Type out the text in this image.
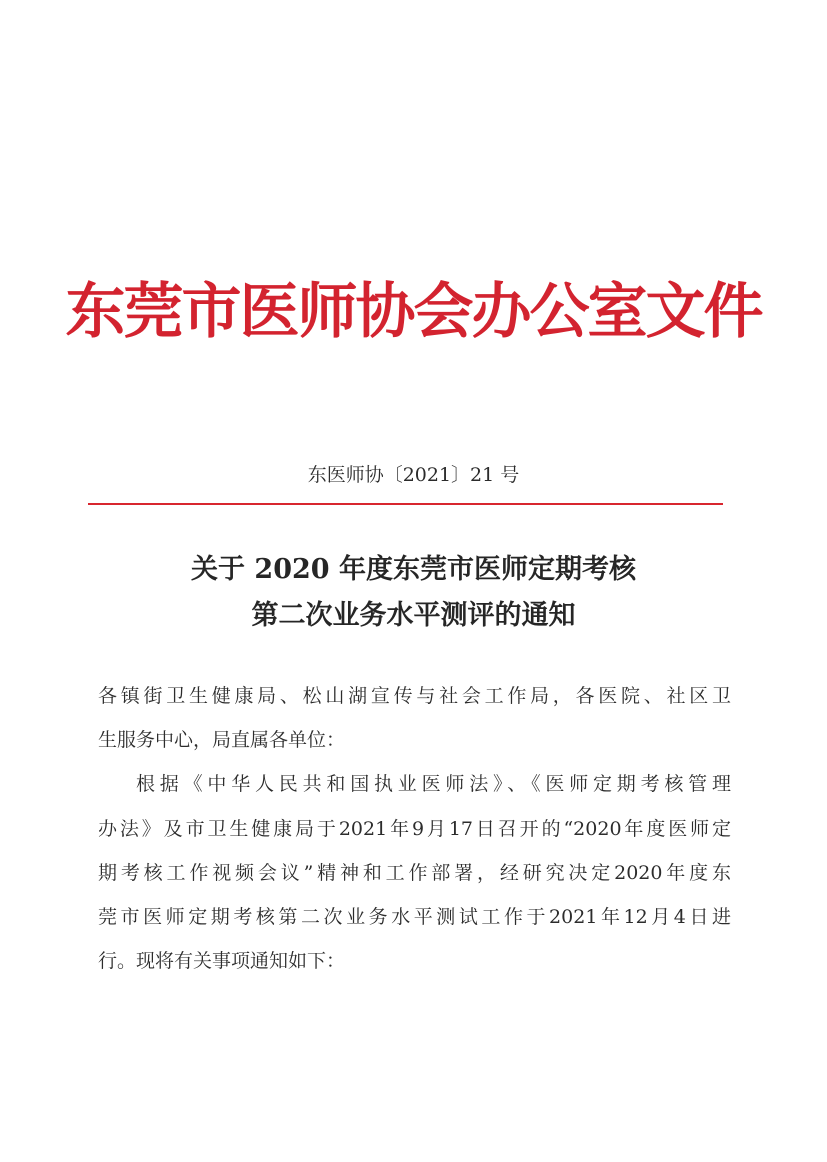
东莞市医师协会办公室文件
东医师协〔2021〕21 号
关于 2020 年度东莞市医师定期考核
第二次业务水平测评的通知
各镇街卫生健康局、松山湖宣传与社会工作局，各医院、社区卫
生服务中心，局直属各单位：
根据《中华人民共和国执业医师法》、《医师定期考核管理
办法》及市卫生健康局于2021年9月17日召开的“2020年度医师定
期考核工作视频会议”精神和工作部署，经研究决定2020年度东
莞市医师定期考核第二次业务水平测试工作于2021年12月4日进
行。现将有关事项通知如下：
